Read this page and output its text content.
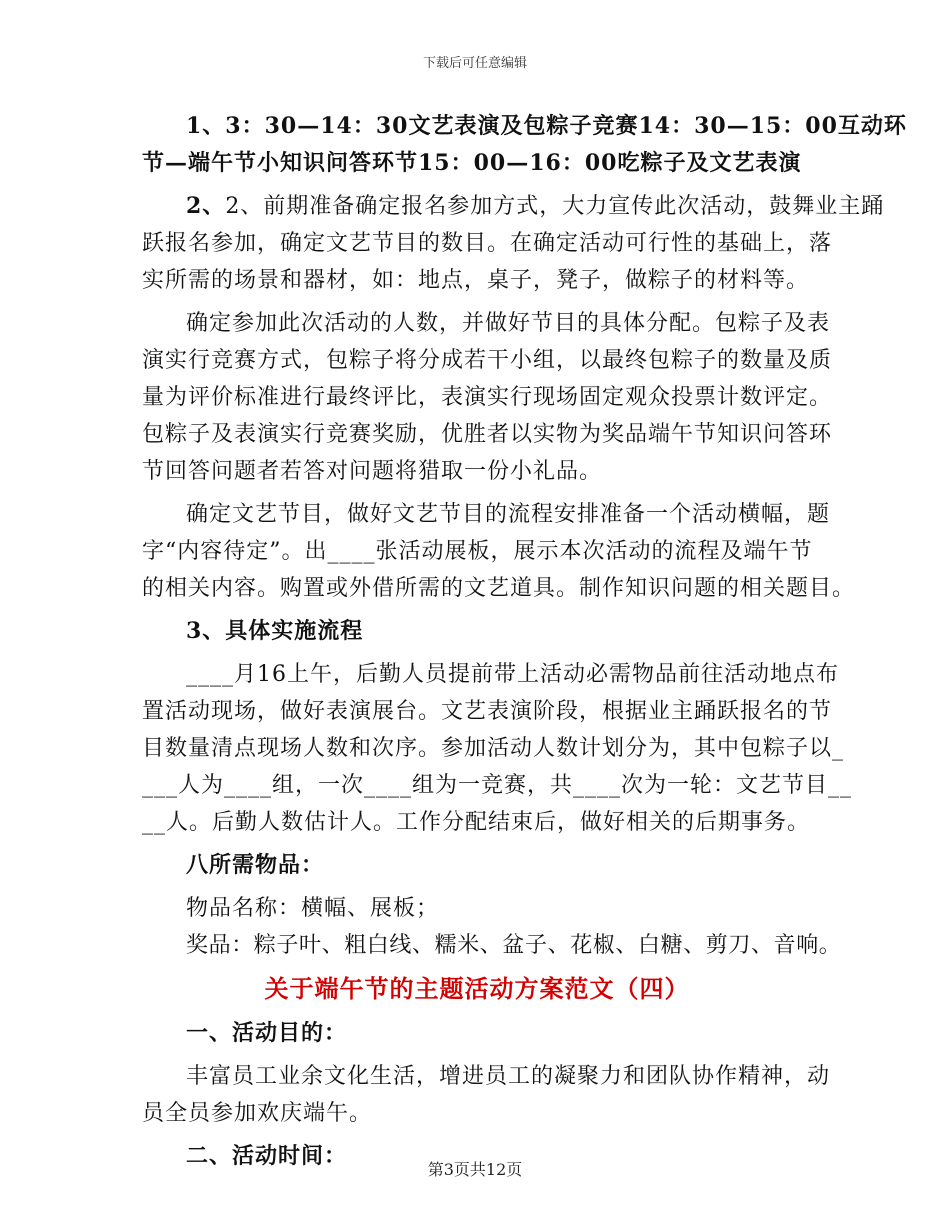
下载后可任意编辑

1、3：30—14：30文艺表演及包粽子竞赛14：30—15：00互动环

节—端午节小知识问答环节15：00—16：00吃粽子及文艺表演

2、2、前期准备确定报名参加方式，大力宣传此次活动，鼓舞业主踊

跃报名参加，确定文艺节目的数目。在确定活动可行性的基础上，落

实所需的场景和器材，如：地点，桌子，凳子，做粽子的材料等。

确定参加此次活动的人数，并做好节目的具体分配。包粽子及表

演实行竞赛方式，包粽子将分成若干小组，以最终包粽子的数量及质

量为评价标准进行最终评比，表演实行现场固定观众投票计数评定。

包粽子及表演实行竞赛奖励，优胜者以实物为奖品端午节知识问答环

节回答问题者若答对问题将猎取一份小礼品。

确定文艺节目，做好文艺节目的流程安排准备一个活动横幅，题

字“内容待定”。出____张活动展板，展示本次活动的流程及端午节

的相关内容。购置或外借所需的文艺道具。制作知识问题的相关题目。

3、具体实施流程

____月16上午，后勤人员提前带上活动必需物品前往活动地点布

置活动现场，做好表演展台。文艺表演阶段，根据业主踊跃报名的节

目数量清点现场人数和次序。参加活动人数计划分为，其中包粽子以_

___人为____组，一次____组为一竞赛，共____次为一轮：文艺节目__

__人。后勤人数估计人。工作分配结束后，做好相关的后期事务。

八所需物品：

物品名称：横幅、展板；

奖品：粽子叶、粗白线、糯米、盆子、花椒、白糖、剪刀、音响。

关于端午节的主题活动方案范文（四）

一、活动目的：

丰富员工业余文化生活，增进员工的凝聚力和团队协作精神，动

员全员参加欢庆端午。

二、活动时间：

第3页共12页
